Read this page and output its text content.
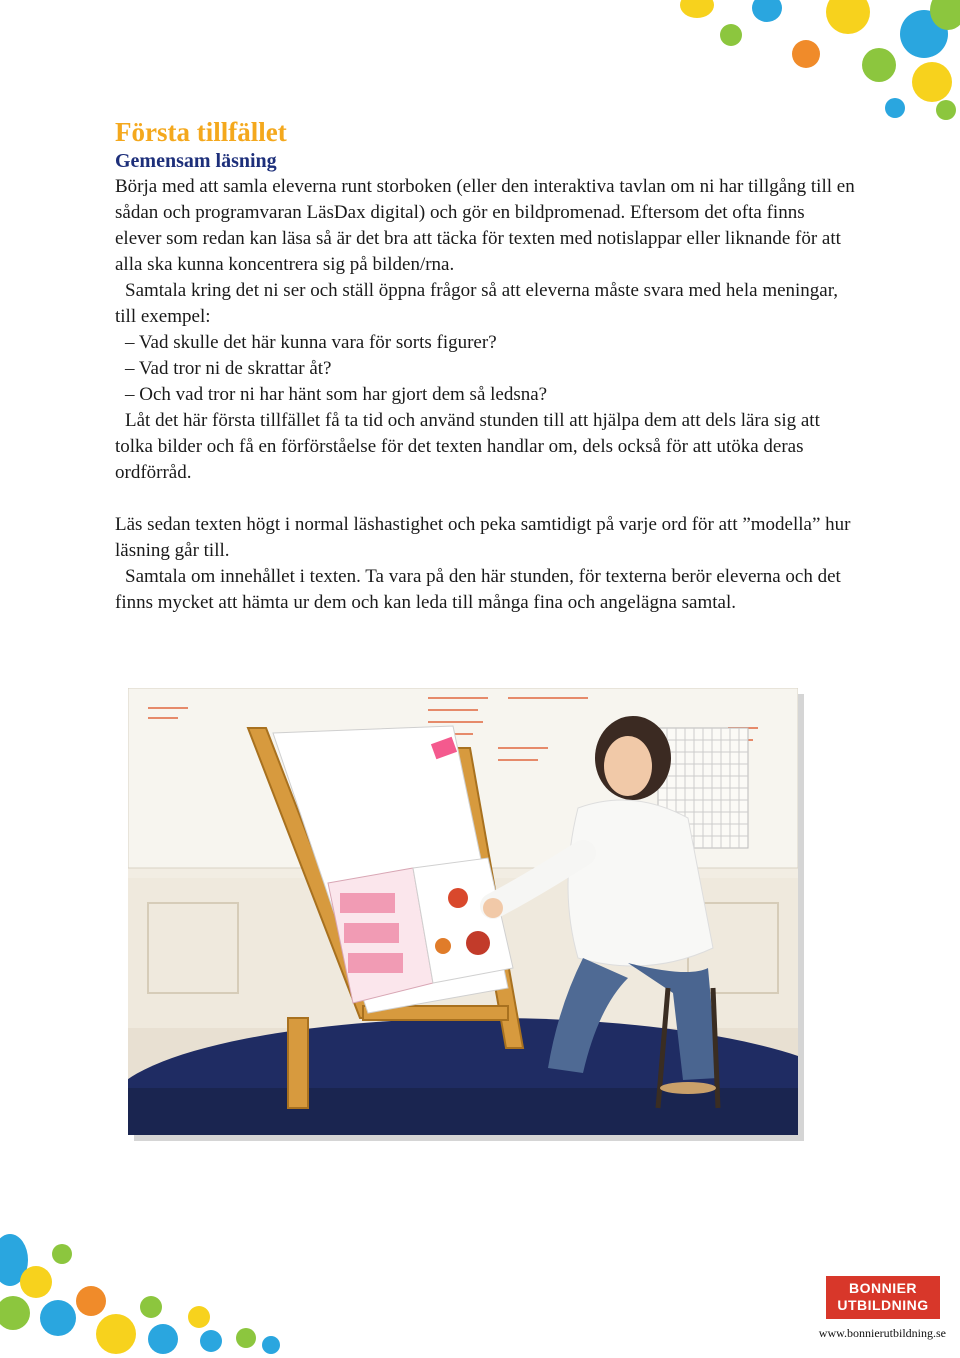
Första tillfället
Gemensam läsning

Börja med att samla eleverna runt storboken (eller den interaktiva tavlan om ni har tillgång till en sådan och programvaran LäsDax digital) och gör en bildpromenad. Eftersom det ofta finns elever som redan kan läsa så är det bra att täcka för texten med notislappar eller liknande för att alla ska kunna koncentrera sig på bilden/rna.

Samtala kring det ni ser och ställ öppna frågor så att eleverna måste svara med hela meningar, till exempel:

– Vad skulle det här kunna vara för sorts figurer?

– Vad tror ni de skrattar åt?

– Och vad tror ni har hänt som har gjort dem så ledsna?

Låt det här första tillfället få ta tid och använd stunden till att hjälpa dem att dels lära sig att tolka bilder och få en förförståelse för det texten handlar om, dels också för att utöka deras ordförråd.

Läs sedan texten högt i normal läshastighet och peka samtidigt på varje ord för att ”modella” hur läsning går till.

Samtala om innehållet i texten. Ta vara på den här stunden, för texterna berör eleverna och det finns mycket att hämta ur dem och kan leda till många fina och angelägna samtal.

BONNIER
UTBILDNING
www.bonnierutbildning.se
